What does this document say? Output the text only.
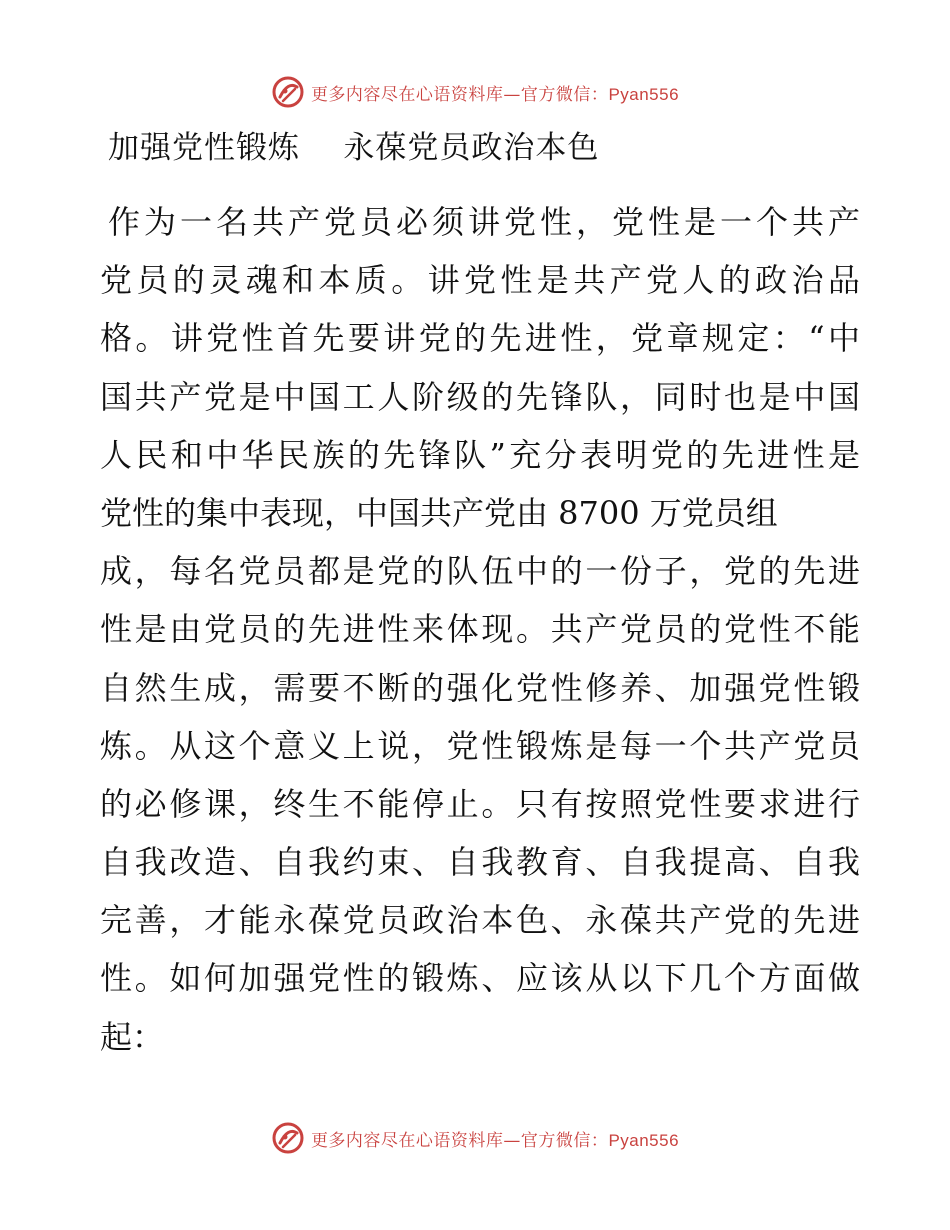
更多内容尽在心语资料库—官方微信：Pyan556
加强党性锻炼    永葆党员政治本色
作为一名共产党员必须讲党性，党性是一个共产
党员的灵魂和本质。讲党性是共产党人的政治品
格。讲党性首先要讲党的先进性，党章规定：“中
国共产党是中国工人阶级的先锋队，同时也是中国
人民和中华民族的先锋队”充分表明党的先进性是
党性的集中表现，中国共产党由 8700 万党员组
成，每名党员都是党的队伍中的一份子，党的先进
性是由党员的先进性来体现。共产党员的党性不能
自然生成，需要不断的强化党性修养、加强党性锻
炼。从这个意义上说，党性锻炼是每一个共产党员
的必修课，终生不能停止。只有按照党性要求进行
自我改造、自我约束、自我教育、自我提高、自我
完善，才能永葆党员政治本色、永葆共产党的先进
性。如何加强党性的锻炼、应该从以下几个方面做
起：
更多内容尽在心语资料库—官方微信：Pyan556
